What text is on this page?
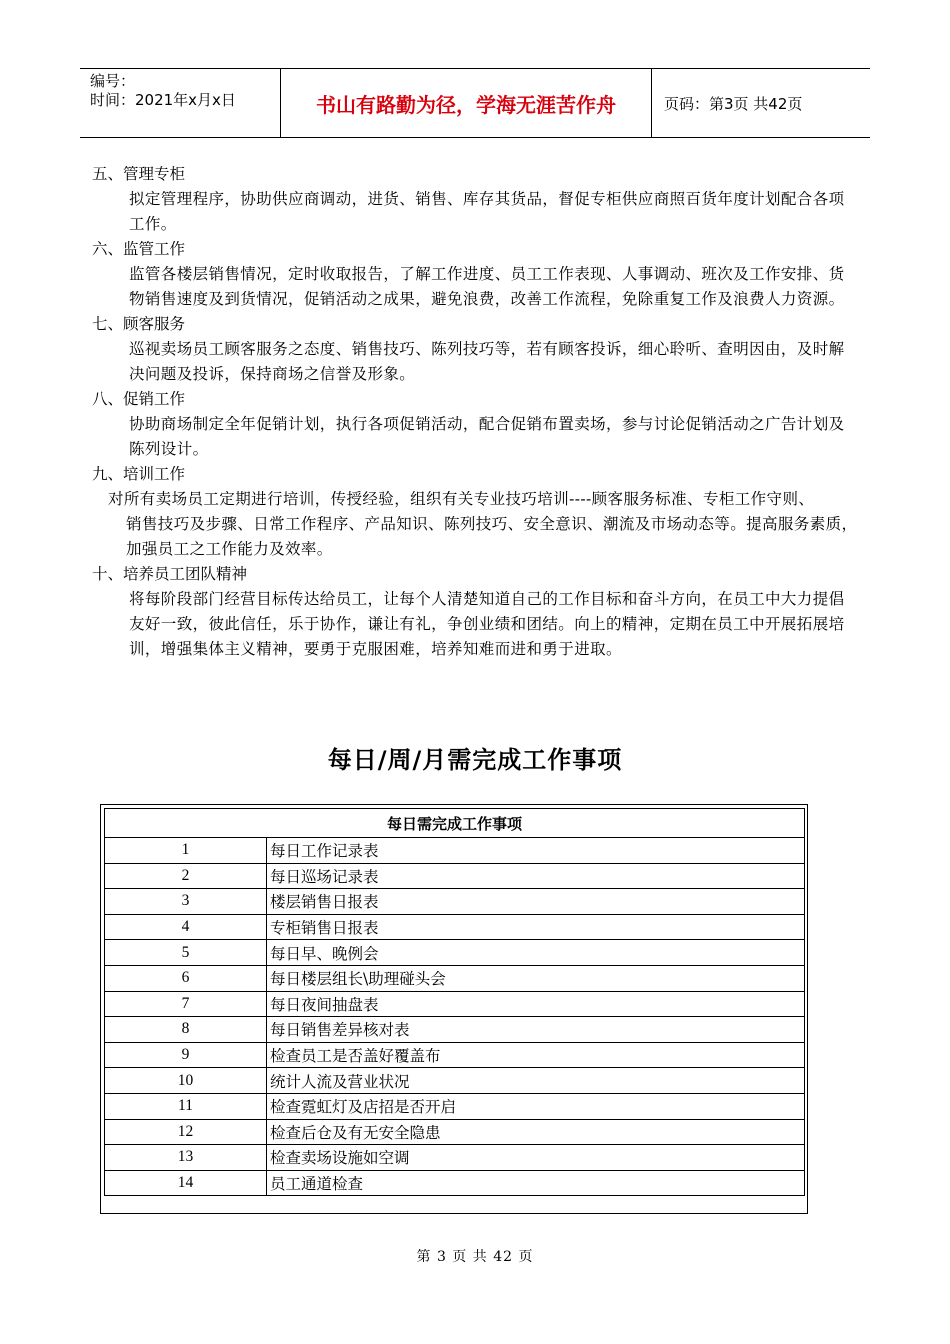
编号：
时间：2021年x月x日	书山有路勤为径，学海无涯苦作舟	页码：第3页 共42页
五、管理专柜
拟定管理程序，协助供应商调动，进货、销售、库存其货品，督促专柜供应商照百货年度计划配合各项工作。
六、监管工作
监管各楼层销售情况，定时收取报告，了解工作进度、员工工作表现、人事调动、班次及工作安排、货物销售速度及到货情况，促销活动之成果，避免浪费，改善工作流程，免除重复工作及浪费人力资源。
七、顾客服务
巡视卖场员工顾客服务之态度、销售技巧、陈列技巧等，若有顾客投诉，细心聆听、查明因由，及时解决问题及投诉，保持商场之信誉及形象。
八、促销工作
协助商场制定全年促销计划，执行各项促销活动，配合促销布置卖场，参与讨论促销活动之广告计划及陈列设计。
九、培训工作
对所有卖场员工定期进行培训，传授经验，组织有关专业技巧培训----顾客服务标准、专柜工作守则、
销售技巧及步骤、日常工作程序、产品知识、陈列技巧、安全意识、潮流及市场动态等。提高服务素质，加强员工之工作能力及效率。
十、培养员工团队精神
将每阶段部门经营目标传达给员工，让每个人清楚知道自己的工作目标和奋斗方向，在员工中大力提倡友好一致，彼此信任，乐于协作，谦让有礼，争创业绩和团结。向上的精神，定期在员工中开展拓展培训，增强集体主义精神，要勇于克服困难，培养知难而进和勇于进取。
每日/周/月需完成工作事项
每日需完成工作事项	
1	每日工作记录表
2	每日巡场记录表
3	楼层销售日报表
4	专柜销售日报表
5	每日早、晚例会
6	每日楼层组长\助理碰头会
7	每日夜间抽盘表
8	每日销售差异核对表
9	检查员工是否盖好覆盖布
10	统计人流及营业状况
11	检查霓虹灯及店招是否开启
12	检查后仓及有无安全隐患
13	检查卖场设施如空调
14	员工通道检查
第 3 页 共 42 页
